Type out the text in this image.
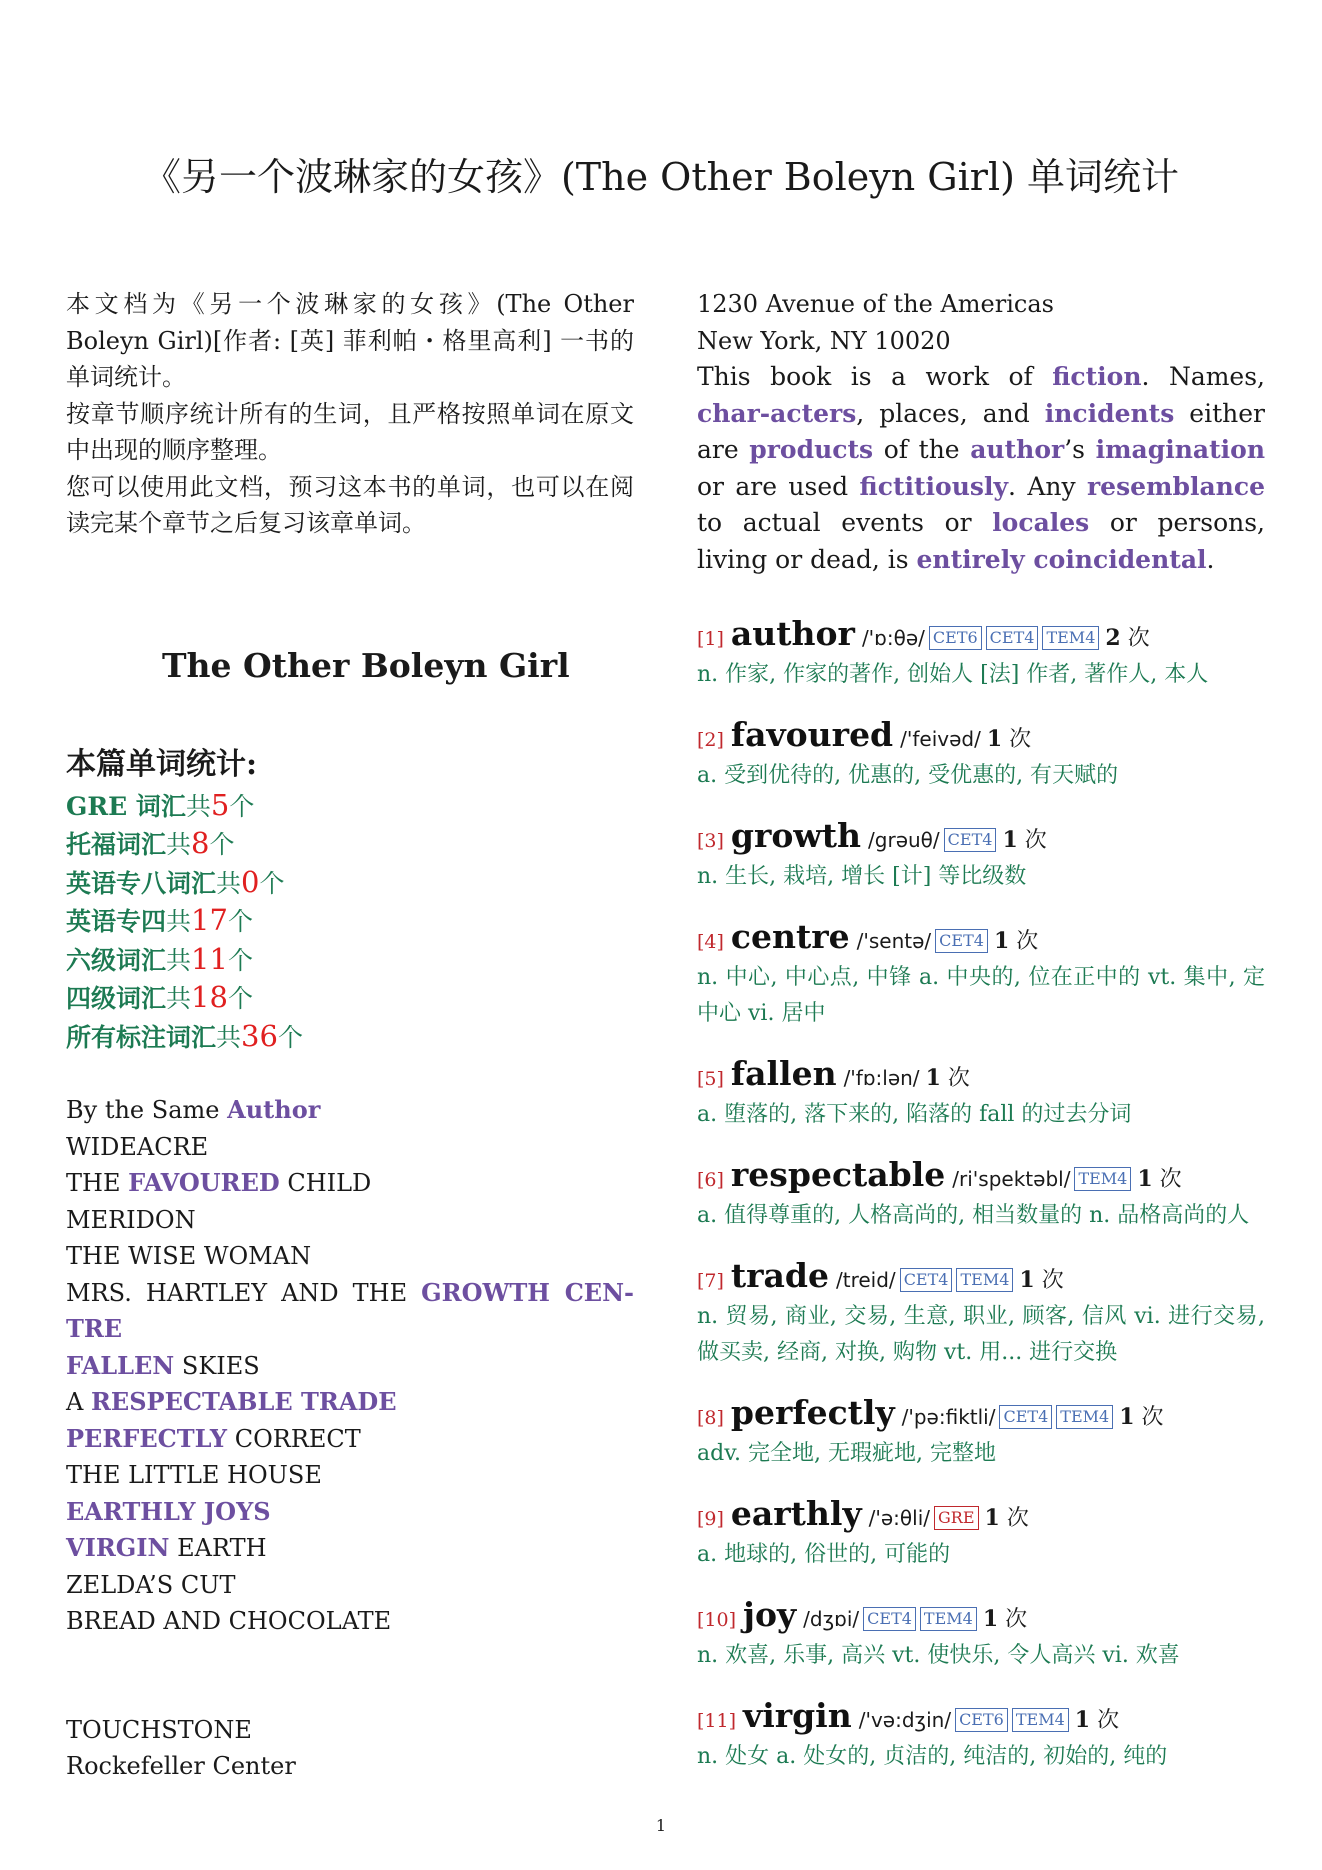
《另一个波琳家的女孩》(The Other Boleyn Girl) 单词统计

本文档为《另一个波琳家的女孩》(The Other Boleyn Girl)[作者: [英] 菲利帕・格里高利] 一书的单词统计。

按章节顺序统计所有的生词，且严格按照单词在原文中出现的顺序整理。

您可以使用此文档，预习这本书的单词，也可以在阅读完某个章节之后复习该章单词。

The Other Boleyn Girl
本篇单词统计:
GRE 词汇共5个
托福词汇共8个
英语专八词汇共0个
英语专四共17个
六级词汇共11个
四级词汇共18个
所有标注词汇共36个
By the Same Author
WIDEACRE
THE FAVOURED CHILD
MERIDON
THE WISE WOMAN
MRS. HARTLEY AND THE GROWTH CEN-
TRE
FALLEN SKIES
A RESPECTABLE TRADE
PERFECTLY CORRECT
THE LITTLE HOUSE
EARTHLY JOYS
VIRGIN EARTH
ZELDA’S CUT
BREAD AND CHOCOLATE
TOUCHSTONE
Rockefeller Center
1230 Avenue of the Americas
New York, NY 10020
This book is a work of fiction. Names, char-acters, places, and incidents either are products of the author’s imagination or are used fictitiously. Any resemblance to actual events or locales or persons, living or dead, is entirely coincidental.
[1] author /'ɒ:θə/ CET6 CET4 TEM4 2 次
n. 作家, 作家的著作, 创始人 [法] 作者, 著作人, 本人
[2] favoured /'feivəd/ 1 次
a. 受到优待的, 优惠的, 受优惠的, 有天赋的
[3] growth /grəuθ/ CET4 1 次
n. 生长, 栽培, 增长 [计] 等比级数
[4] centre /'sentə/ CET4 1 次
n. 中心, 中心点, 中锋 a. 中央的, 位在正中的 vt. 集中, 定中心 vi. 居中
[5] fallen /'fɒ:lən/ 1 次
a. 堕落的, 落下来的, 陷落的 fall 的过去分词
[6] respectable /ri'spektəbl/ TEM4 1 次
a. 值得尊重的, 人格高尚的, 相当数量的 n. 品格高尚的人
[7] trade /treid/ CET4 TEM4 1 次
n. 贸易, 商业, 交易, 生意, 职业, 顾客, 信风 vi. 进行交易, 做买卖, 经商, 对换, 购物 vt. 用... 进行交换
[8] perfectly /'pə:fiktli/ CET4 TEM4 1 次
adv. 完全地, 无瑕疵地, 完整地
[9] earthly /'ə:θli/ GRE 1 次
a. 地球的, 俗世的, 可能的
[10] joy /dʒɒi/ CET4 TEM4 1 次
n. 欢喜, 乐事, 高兴 vt. 使快乐, 令人高兴 vi. 欢喜
[11] virgin /'və:dʒin/ CET6 TEM4 1 次
n. 处女 a. 处女的, 贞洁的, 纯洁的, 初始的, 纯的
1
